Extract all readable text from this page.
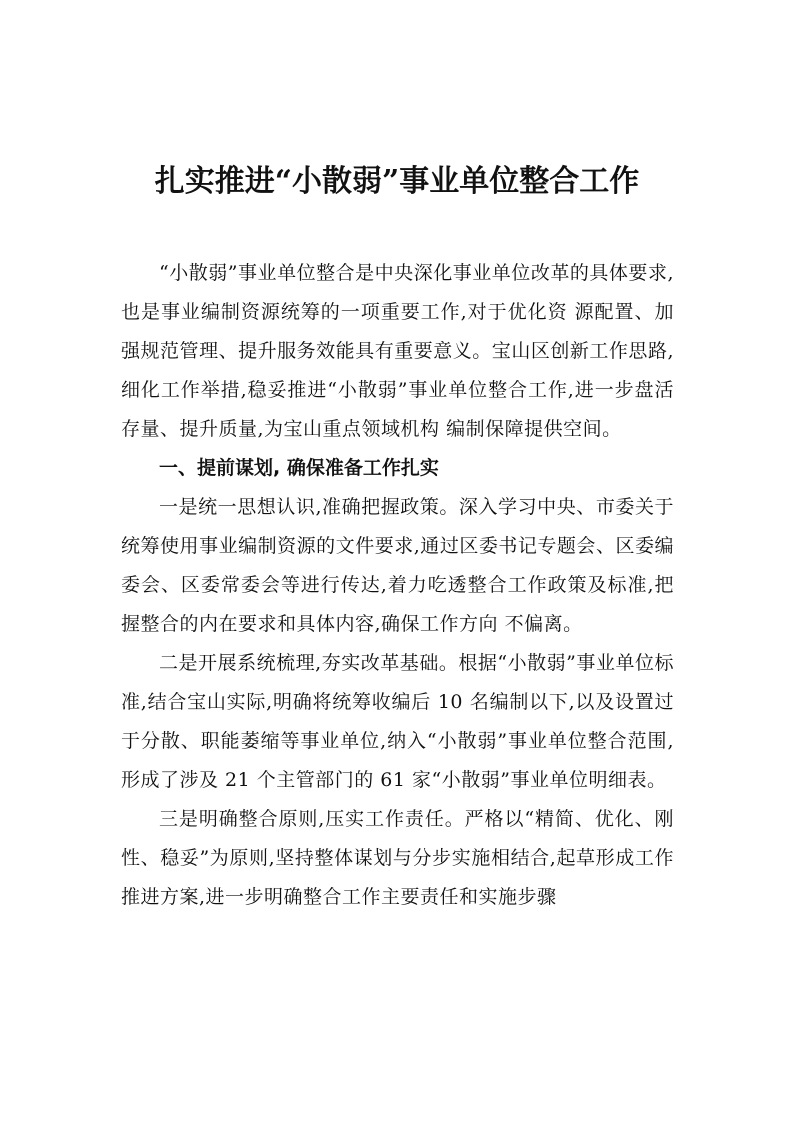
扎实推进“小散弱”事业单位整合工作

“小散弱”事业单位整合是中央深化事业单位改革的具体要求,也是事业编制资源统筹的一项重要工作,对于优化资 源配置、加强规范管理、提升服务效能具有重要意义。宝山区创新工作思路,细化工作举措,稳妥推进“小散弱”事业单位整合工作,进一步盘活存量、提升质量,为宝山重点领域机构 编制保障提供空间。

一、提前谋划, 确保准备工作扎实

一是统一思想认识,准确把握政策。深入学习中央、市委关于统筹使用事业编制资源的文件要求,通过区委书记专题会、区委编委会、区委常委会等进行传达,着力吃透整合工作政策及标准,把握整合的内在要求和具体内容,确保工作方向 不偏离。

二是开展系统梳理,夯实改革基础。根据“小散弱”事业单位标准,结合宝山实际,明确将统筹收编后 10 名编制以下,以及设置过于分散、职能萎缩等事业单位,纳入“小散弱”事业单位整合范围,形成了涉及 21 个主管部门的 61 家“小散弱”事业单位明细表。

三是明确整合原则,压实工作责任。严格以“精简、优化、刚性、稳妥”为原则,坚持整体谋划与分步实施相结合,起草形成工作推进方案,进一步明确整合工作主要责任和实施步骤
